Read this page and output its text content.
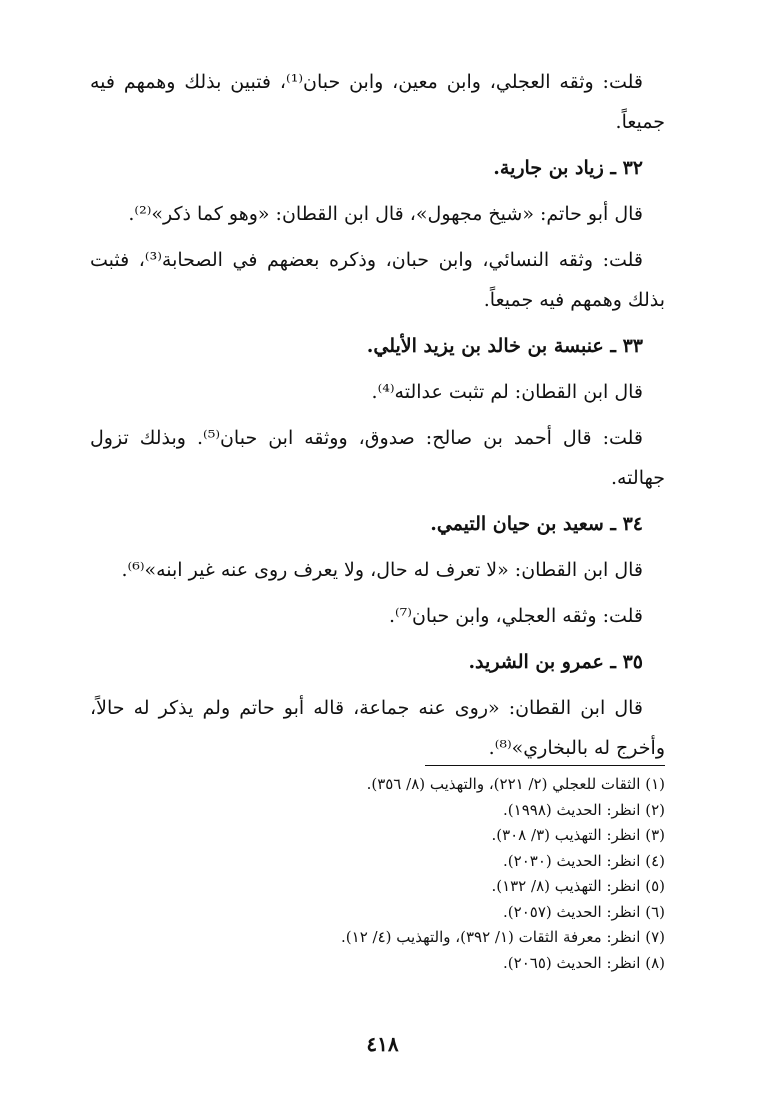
قلت: وثقه العجلي، وابن معين، وابن حبان⁽¹⁾، فتبين بذلك وهمهم فيه جميعاً.

٣٢ ـ زياد بن جارية.

قال أبو حاتم: «شيخ مجهول»، قال ابن القطان: «وهو كما ذكر»⁽²⁾.

قلت: وثقه النسائي، وابن حبان، وذكره بعضهم في الصحابة⁽³⁾، فثبت بذلك وهمهم فيه جميعاً.

٣٣ ـ عنبسة بن خالد بن يزيد الأيلي.

قال ابن القطان: لم تثبت عدالته⁽⁴⁾.

قلت: قال أحمد بن صالح: صدوق، ووثقه ابن حبان⁽⁵⁾. وبذلك تزول جهالته.

٣٤ ـ سعيد بن حيان التيمي.

قال ابن القطان: «لا تعرف له حال، ولا يعرف روى عنه غير ابنه»⁽⁶⁾.

قلت: وثقه العجلي، وابن حبان⁽⁷⁾.

٣٥ ـ عمرو بن الشريد.

قال ابن القطان: «روى عنه جماعة، قاله أبو حاتم ولم يذكر له حالاً، وأخرج له بالبخاري»⁽⁸⁾.

(١) الثقات للعجلي (٢/ ٢٢١)، والتهذيب (٨/ ٣٥٦).

(٢) انظر: الحديث (١٩٩٨).

(٣) انظر: التهذيب (٣/ ٣٠٨).

(٤) انظر: الحديث (٢٠٣٠).

(٥) انظر: التهذيب (٨/ ١٣٢).

(٦) انظر: الحديث (٢٠٥٧).

(٧) انظر: معرفة الثقات (١/ ٣٩٢)، والتهذيب (٤/ ١٢).

(٨) انظر: الحديث (٢٠٦٥).

٤١٨
